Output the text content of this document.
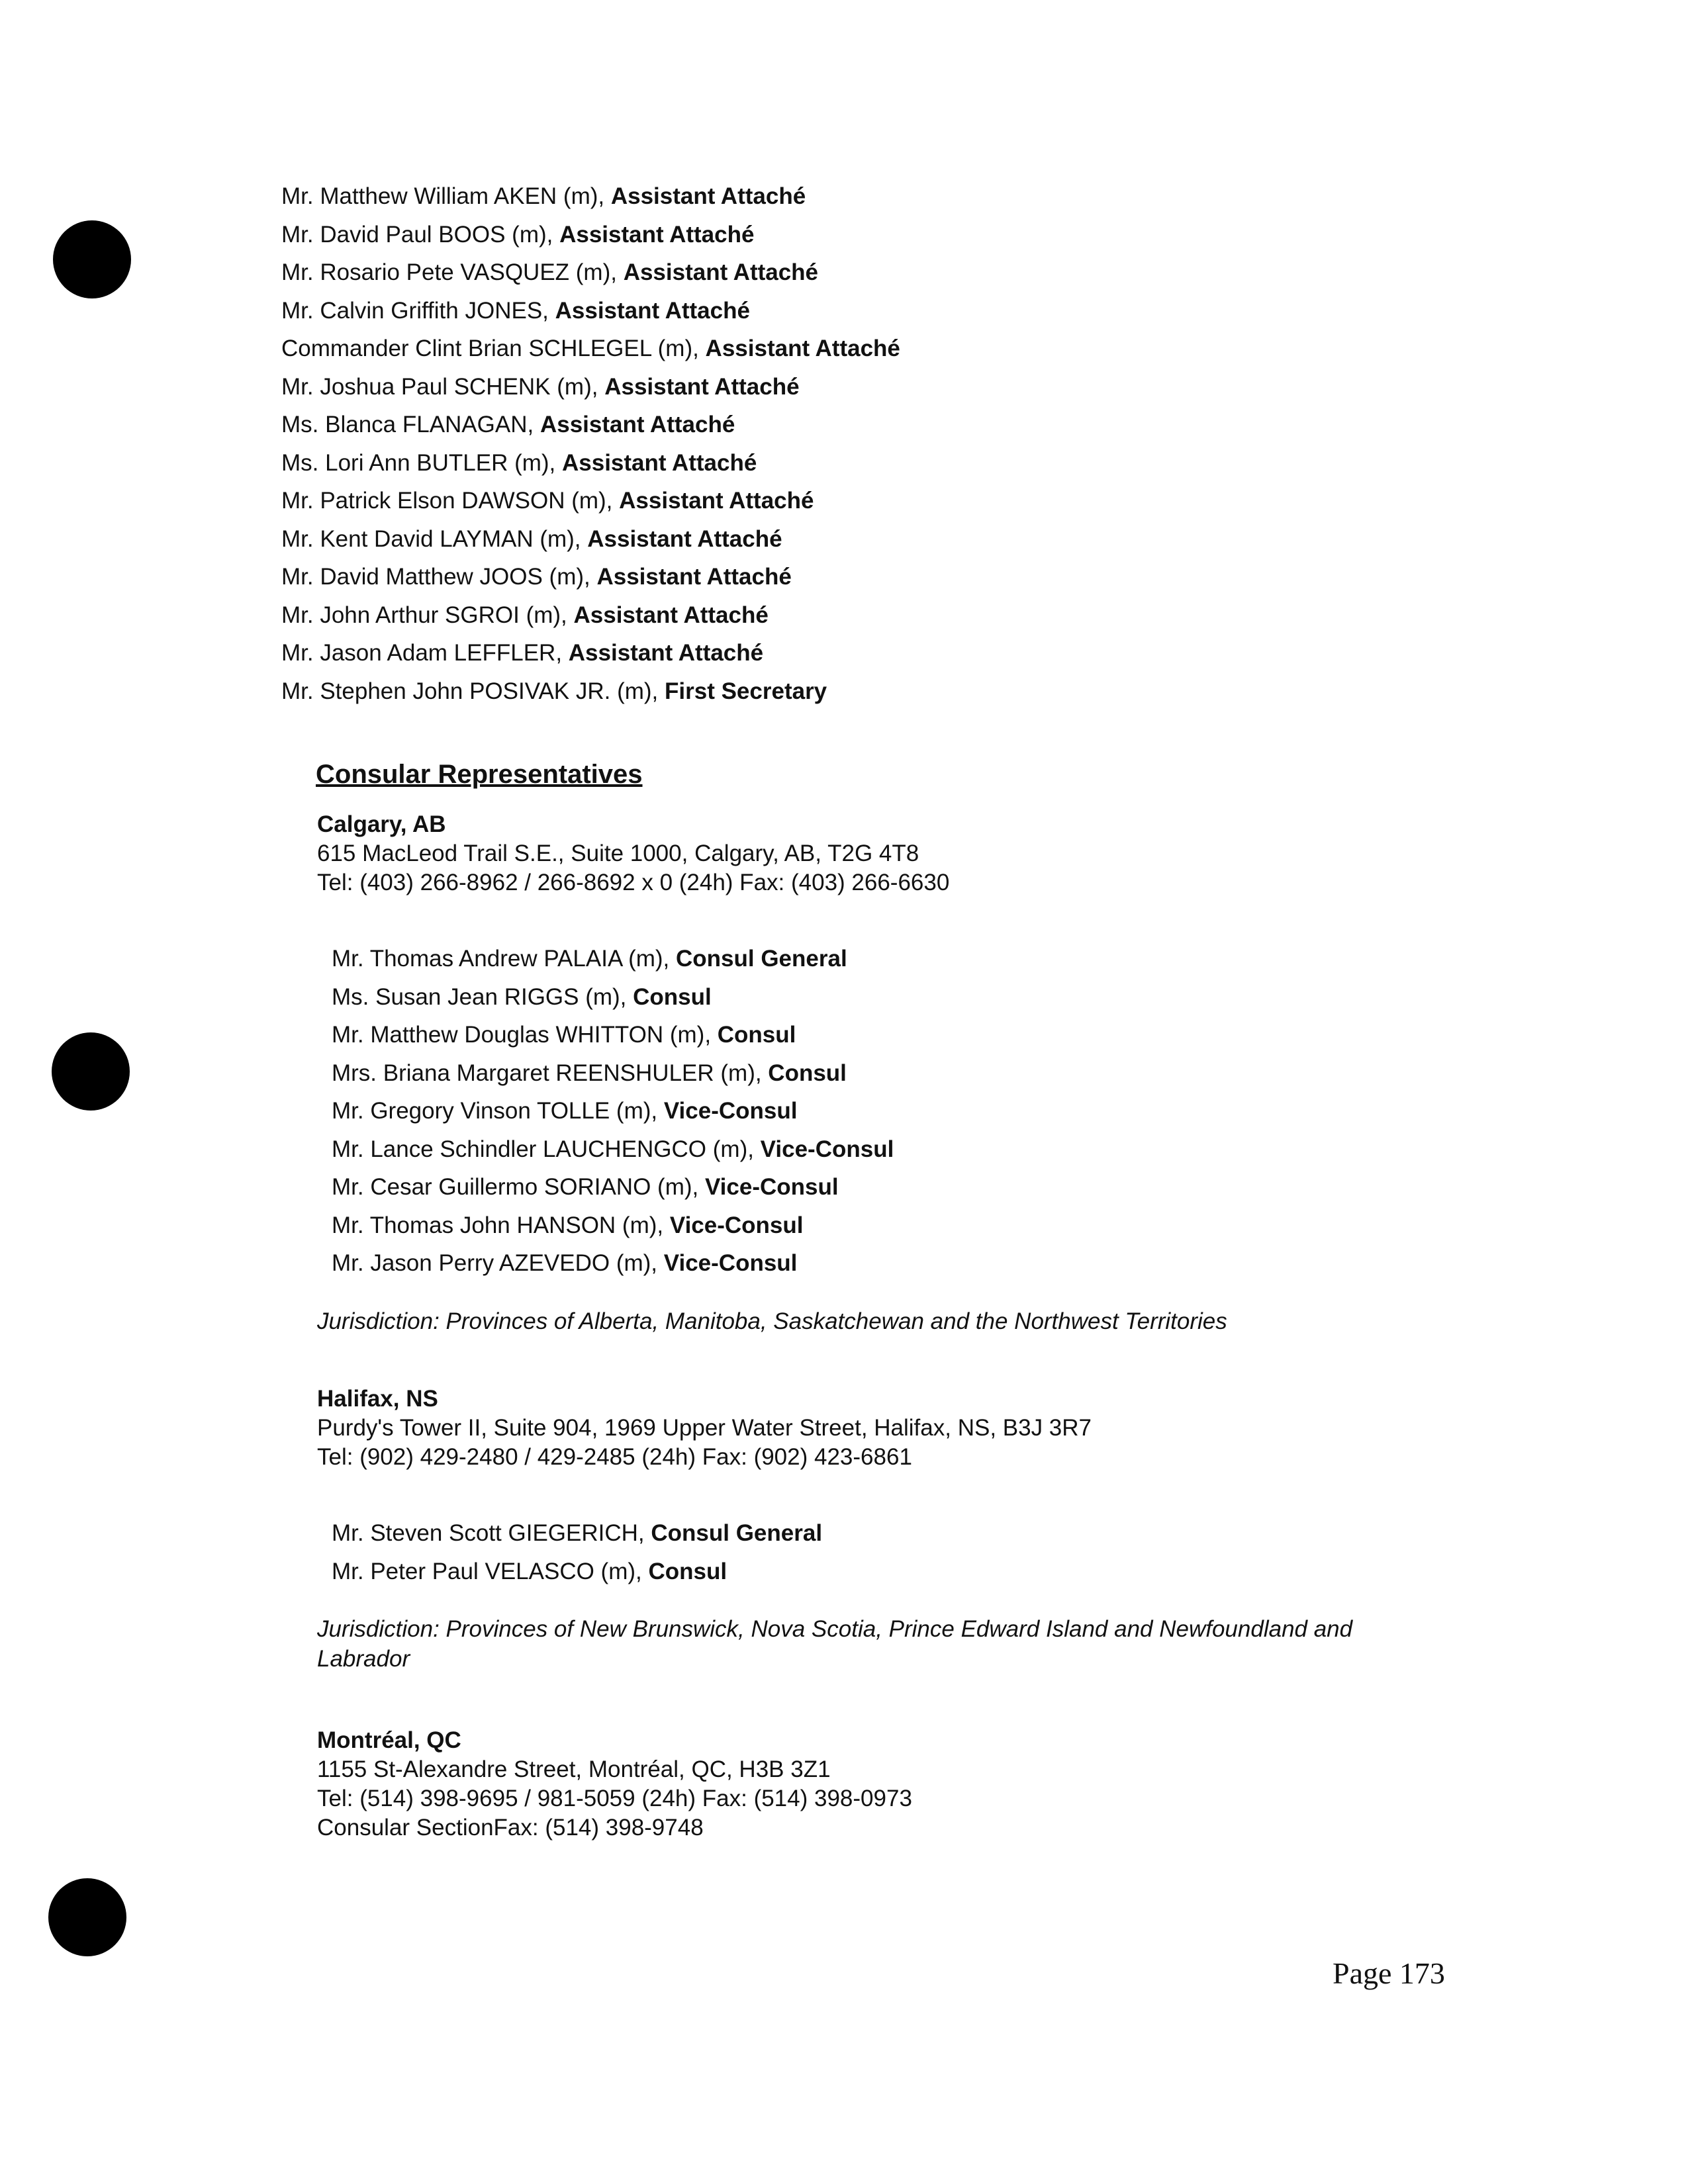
Mr. Matthew William AKEN (m), Assistant Attaché
Mr. David Paul BOOS (m), Assistant Attaché
Mr. Rosario Pete VASQUEZ (m), Assistant Attaché
Mr. Calvin Griffith JONES, Assistant Attaché
Commander Clint Brian SCHLEGEL (m), Assistant Attaché
Mr. Joshua Paul SCHENK (m), Assistant Attaché
Ms. Blanca FLANAGAN, Assistant Attaché
Ms. Lori Ann BUTLER (m), Assistant Attaché
Mr. Patrick Elson DAWSON (m), Assistant Attaché
Mr. Kent David LAYMAN (m), Assistant Attaché
Mr. David Matthew JOOS (m), Assistant Attaché
Mr. John Arthur SGROI (m), Assistant Attaché
Mr. Jason Adam LEFFLER, Assistant Attaché
Mr. Stephen John POSIVAK JR. (m), First Secretary
Consular Representatives
Calgary, AB
615 MacLeod Trail S.E., Suite 1000, Calgary, AB, T2G 4T8
Tel: (403) 266-8962 / 266-8692 x 0 (24h) Fax: (403) 266-6630
Mr. Thomas Andrew PALAIA (m), Consul General
Ms. Susan Jean RIGGS (m), Consul
Mr. Matthew Douglas WHITTON (m), Consul
Mrs. Briana Margaret REENSHULER (m), Consul
Mr. Gregory Vinson TOLLE (m), Vice-Consul
Mr. Lance Schindler LAUCHENGCO (m), Vice-Consul
Mr. Cesar Guillermo SORIANO (m), Vice-Consul
Mr. Thomas John HANSON (m), Vice-Consul
Mr. Jason Perry AZEVEDO (m), Vice-Consul
Jurisdiction: Provinces of Alberta, Manitoba, Saskatchewan and the Northwest Territories
Halifax, NS
Purdy's Tower II, Suite 904, 1969 Upper Water Street, Halifax, NS, B3J 3R7
Tel: (902) 429-2480 / 429-2485 (24h) Fax: (902) 423-6861
Mr. Steven Scott GIEGERICH, Consul General
Mr. Peter Paul VELASCO (m), Consul
Jurisdiction: Provinces of New Brunswick, Nova Scotia, Prince Edward Island and Newfoundland and Labrador
Montréal, QC
1155 St-Alexandre Street, Montréal, QC, H3B 3Z1
Tel: (514) 398-9695 / 981-5059 (24h) Fax: (514) 398-0973
Consular SectionFax: (514) 398-9748
Page 173
